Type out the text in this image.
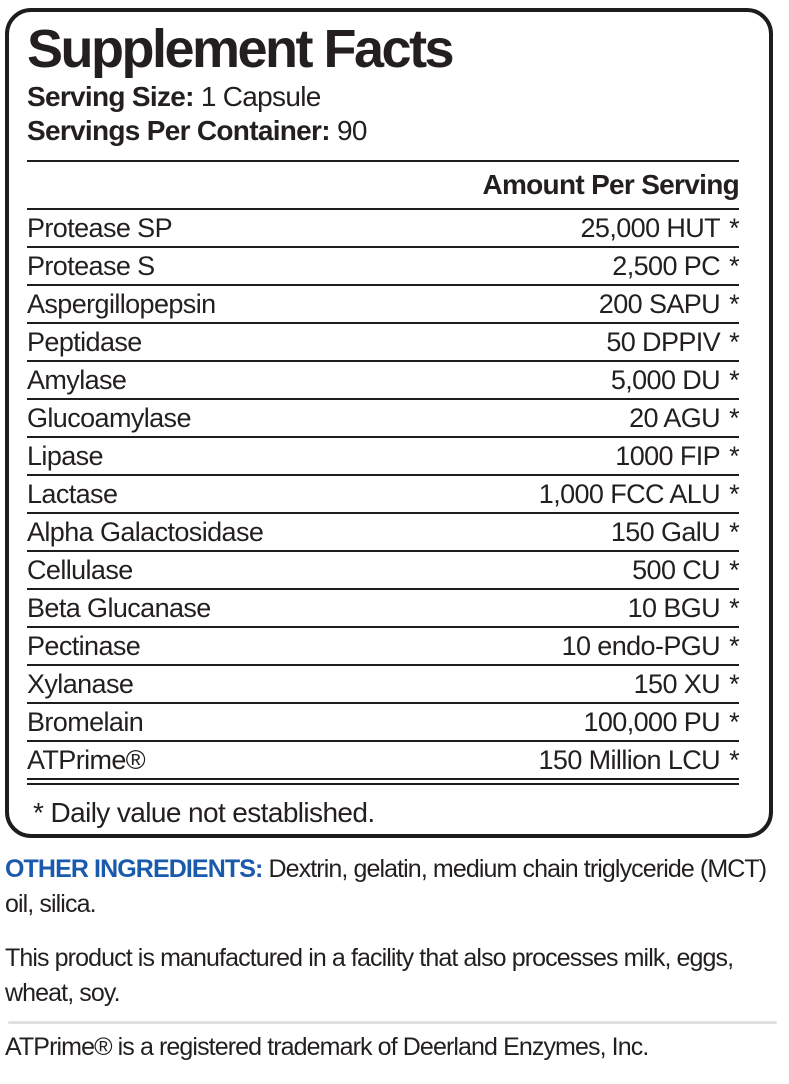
Supplement Facts
Serving Size: 1 Capsule
Servings Per Container: 90
Amount Per Serving
Protease SP	25,000 HUT *
Protease S	2,500 PC *
Aspergillopepsin	200 SAPU *
Peptidase	50 DPPIV *
Amylase	5,000 DU *
Glucoamylase	20 AGU *
Lipase	1000 FIP *
Lactase	1,000 FCC ALU *
Alpha Galactosidase	150 GalU *
Cellulase	500 CU *
Beta Glucanase	10 BGU *
Pectinase	10 endo-PGU *
Xylanase	150 XU *
Bromelain	100,000 PU *
ATPrime®	150 Million LCU *
* Daily value not established.

OTHER INGREDIENTS: Dextrin, gelatin, medium chain triglyceride (MCT) oil, silica.

This product is manufactured in a facility that also processes milk, eggs, wheat, soy.

ATPrime® is a registered trademark of Deerland Enzymes, Inc.
